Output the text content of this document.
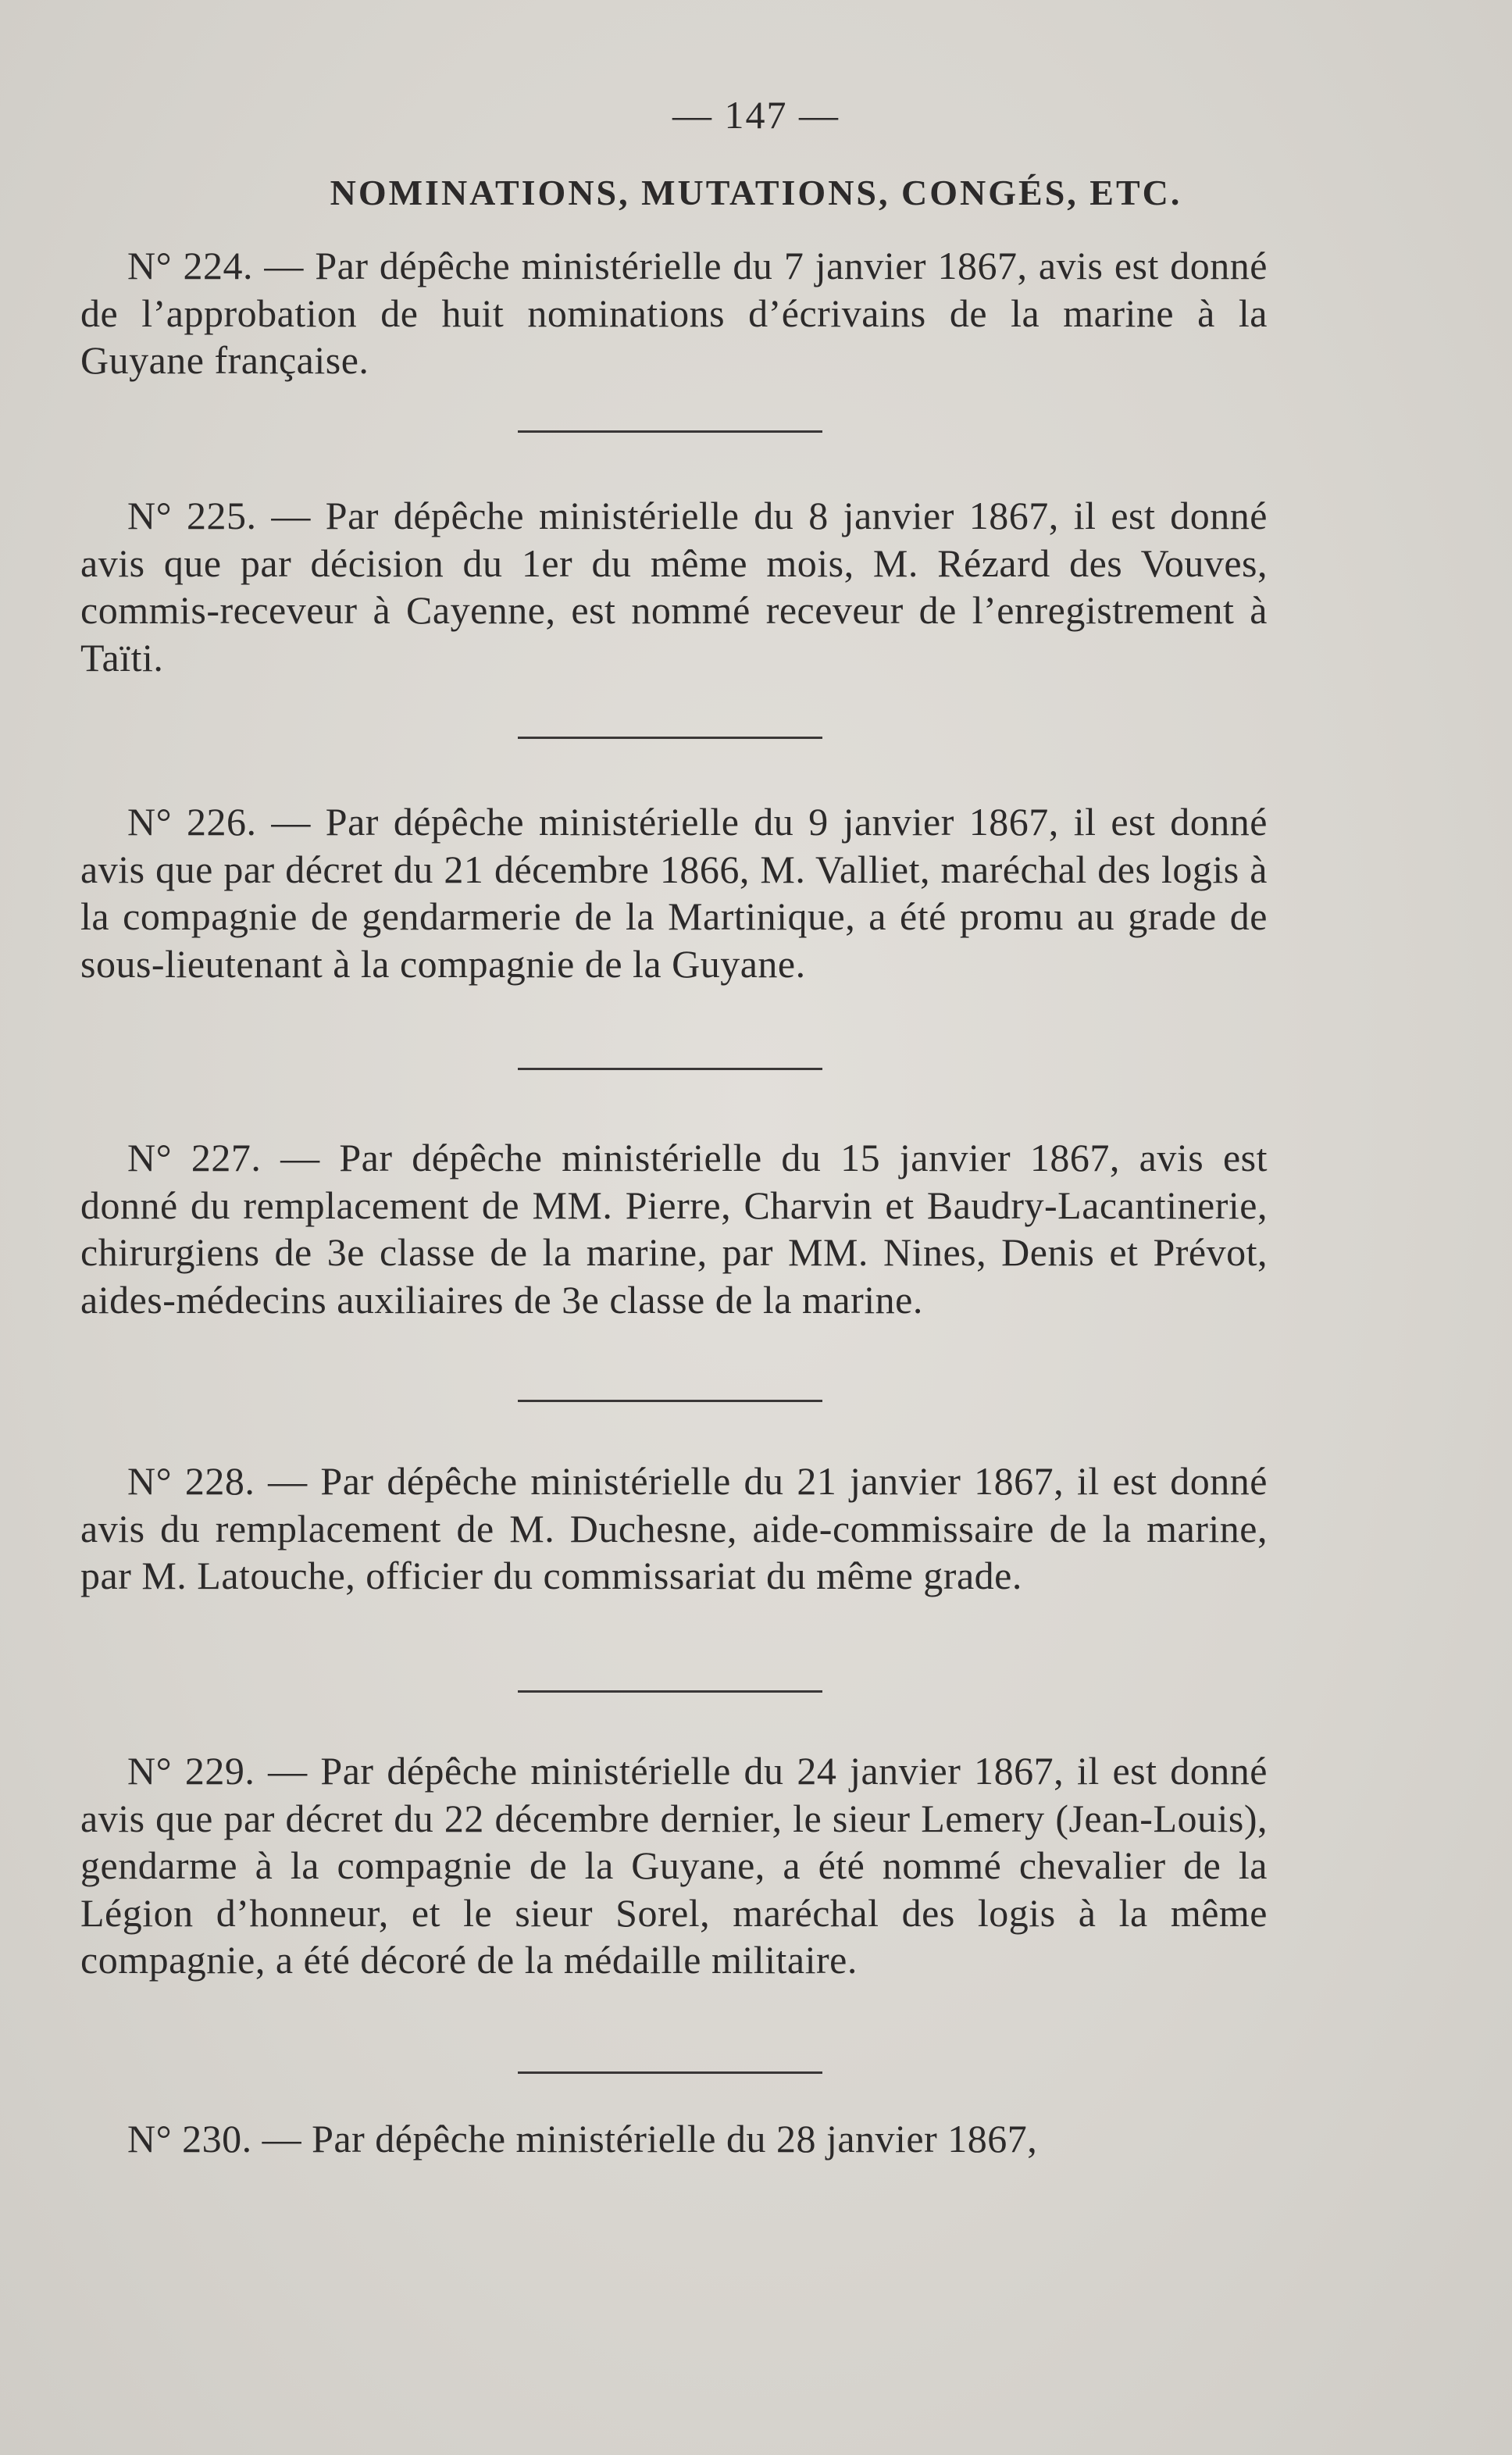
— 147 —
NOMINATIONS, MUTATIONS, CONGÉS, ETC.

N° 224. — Par dépêche ministérielle du 7 janvier 1867, avis est donné de l’approbation de huit nominations d’écrivains de la marine à la Guyane française.

N° 225. — Par dépêche ministérielle du 8 janvier 1867, il est donné avis que par décision du 1er du même mois, M. Rézard des Vouves, commis-receveur à Cayenne, est nommé receveur de l’enregistrement à Taïti.

N° 226. — Par dépêche ministérielle du 9 janvier 1867, il est donné avis que par décret du 21 décembre 1866, M. Valliet, maréchal des logis à la compagnie de gendarmerie de la Martinique, a été promu au grade de sous-lieutenant à la compagnie de la Guyane.

N° 227. — Par dépêche ministérielle du 15 janvier 1867, avis est donné du remplacement de MM. Pierre, Charvin et Baudry-Lacantinerie, chirurgiens de 3e classe de la marine, par MM. Nines, Denis et Prévot, aides-médecins auxiliaires de 3e classe de la marine.

N° 228. — Par dépêche ministérielle du 21 janvier 1867, il est donné avis du remplacement de M. Duchesne, aide-commissaire de la marine, par M. Latouche, officier du commissariat du même grade.

N° 229. — Par dépêche ministérielle du 24 janvier 1867, il est donné avis que par décret du 22 décembre dernier, le sieur Lemery (Jean-Louis), gendarme à la compagnie de la Guyane, a été nommé chevalier de la Légion d’honneur, et le sieur Sorel, maréchal des logis à la même compagnie, a été décoré de la médaille militaire.

N° 230. — Par dépêche ministérielle du 28 janvier 1867,
